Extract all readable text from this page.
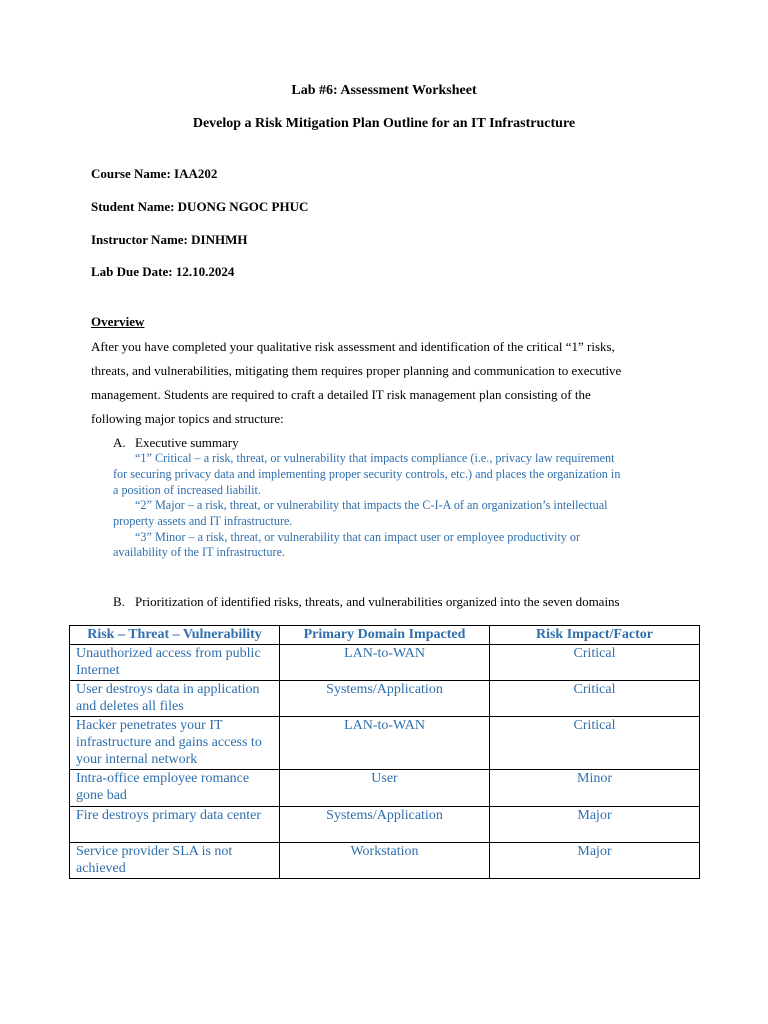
Lab #6: Assessment Worksheet
Develop a Risk Mitigation Plan Outline for an IT Infrastructure
Course Name: IAA202
Student Name: DUONG NGOC PHUC
Instructor Name: DINHMH
Lab Due Date: 12.10.2024
Overview
After you have completed your qualitative risk assessment and identification of the critical “1” risks,
threats, and vulnerabilities, mitigating them requires proper planning and communication to executive
management. Students are required to craft a detailed IT risk management plan consisting of the
following major topics and structure:
A. Executive summary
“1” Critical – a risk, threat, or vulnerability that impacts compliance (i.e., privacy law requirement
for securing privacy data and implementing proper security controls, etc.) and places the organization in
a position of increased liabilit.
“2” Major – a risk, threat, or vulnerability that impacts the C-I-A of an organization’s intellectual
property assets and IT infrastructure.
“3” Minor – a risk, threat, or vulnerability that can impact user or employee productivity or
availability of the IT infrastructure.
B. Prioritization of identified risks, threats, and vulnerabilities organized into the seven domains
Risk – Threat – Vulnerability	Primary Domain Impacted	Risk Impact/Factor
Unauthorized access from public Internet	LAN-to-WAN	Critical
User destroys data in application and deletes all files	Systems/Application	Critical
Hacker penetrates your IT infrastructure and gains access to your internal network	LAN-to-WAN	Critical
Intra-office employee romance gone bad	User	Minor
Fire destroys primary data center	Systems/Application	Major
Service provider SLA is not achieved	Workstation	Major
